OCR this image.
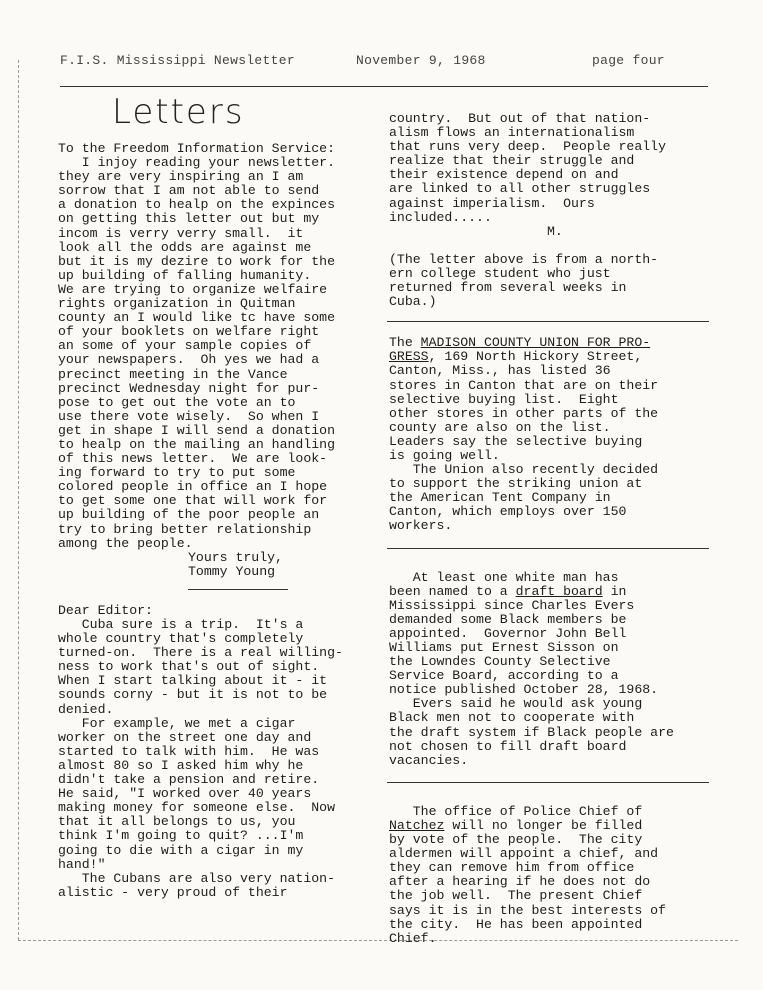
F.I.S. Mississippi Newsletter	November 9, 1968	page four
Letters

To the Freedom Information Service:

I injoy reading your newsletter.

they are very inspiring an I am

sorrow that I am not able to send

a donation to healp on the expinces

on getting this letter out but my

incom is verry verry small.  it

look all the odds are against me

but it is my dezire to work for the

up building of falling humanity.

We are trying to organize welfaire

rights organization in Quitman

county an I would like tc have some

of your booklets on welfare right

an some of your sample copies of

your newspapers.  Oh yes we had a

precinct meeting in the Vance

precinct Wednesday night for pur-

pose to get out the vote an to

use there vote wisely.  So when I

get in shape I will send a donation

to healp on the mailing an handling

of this news letter.  We are look-

ing forward to try to put some

colored people in office an I hope

to get some one that will work for

up building of the poor people an

try to bring better relationship

among the people.

Yours truly,

Tommy Young

Dear Editor:

Cuba sure is a trip.  It's a

whole country that's completely

turned-on.  There is a real willing-

ness to work that's out of sight.

When I start talking about it - it

sounds corny - but it is not to be

denied.

For example, we met a cigar

worker on the street one day and

started to talk with him.  He was

almost 80 so I asked him why he

didn't take a pension and retire.

He said, "I worked over 40 years

making money for someone else.  Now

that it all belongs to us, you

think I'm going to quit? ...I'm

going to die with a cigar in my

hand!"

The Cubans are also very nation-

alistic - very proud of their

country.  But out of that nation-

alism flows an internationalism

that runs very deep.  People really

realize that their struggle and

their existence depend on and

are linked to all other struggles

against imperialism.  Ours

included.....

M.

(The letter above is from a north-

ern college student who just

returned from several weeks in

Cuba.)

The MADISON COUNTY UNION FOR PRO-

GRESS, 169 North Hickory Street,

Canton, Miss., has listed 36

stores in Canton that are on their

selective buying list.  Eight

other stores in other parts of the

county are also on the list.

Leaders say the selective buying

is going well.

The Union also recently decided

to support the striking union at

the American Tent Company in

Canton, which employs over 150

workers.

At least one white man has

been named to a draft board in

Mississippi since Charles Evers

demanded some Black members be

appointed.  Governor John Bell

Williams put Ernest Sisson on

the Lowndes County Selective

Service Board, according to a

notice published October 28, 1968.

Evers said he would ask young

Black men not to cooperate with

the draft system if Black people are

not chosen to fill draft board

vacancies.

The office of Police Chief of

Natchez will no longer be filled

by vote of the people.  The city

aldermen will appoint a chief, and

they can remove him from office

after a hearing if he does not do

the job well.  The present Chief

says it is in the best interests of

the city.  He has been appointed

Chief.
